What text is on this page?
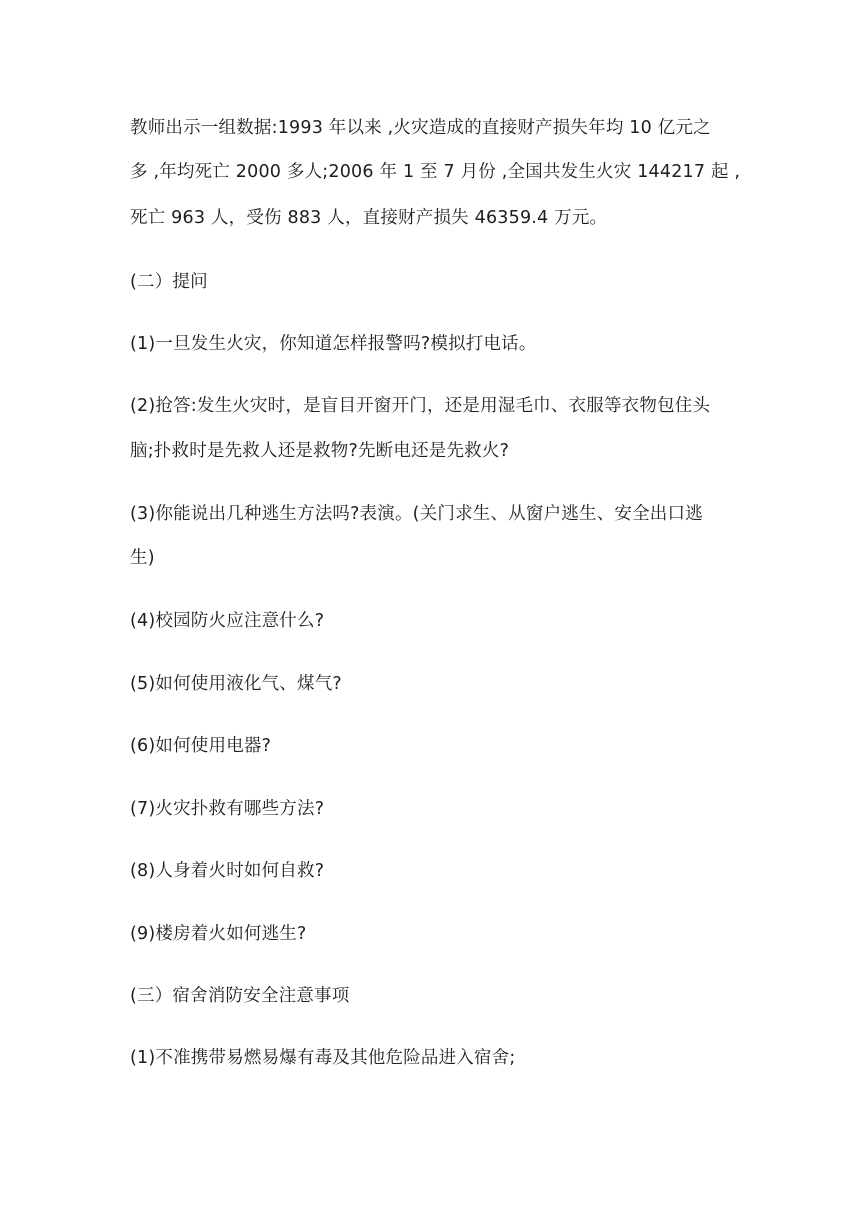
教师出示一组数据:1993 年以来 ,火灾造成的直接财产损失年均 10 亿元之
多 ,年均死亡 2000 多人;2006 年 1 至 7 月份 ,全国共发生火灾 144217 起 ,
死亡 963 人，受伤 883 人，直接财产损失 46359.4 万元。
(二）提问
(1)一旦发生火灾，你知道怎样报警吗?模拟打电话。
(2)抢答:发生火灾时，是盲目开窗开门，还是用湿毛巾、衣服等衣物包住头
脑;扑救时是先救人还是救物?先断电还是先救火?
(3)你能说出几种逃生方法吗?表演。(关门求生、从窗户逃生、安全出口逃
生)
(4)校园防火应注意什么?
(5)如何使用液化气、煤气?
(6)如何使用电器?
(7)火灾扑救有哪些方法?
(8)人身着火时如何自救?
(9)楼房着火如何逃生?
(三）宿舍消防安全注意事项
(1)不准携带易燃易爆有毒及其他危险品进入宿舍;
